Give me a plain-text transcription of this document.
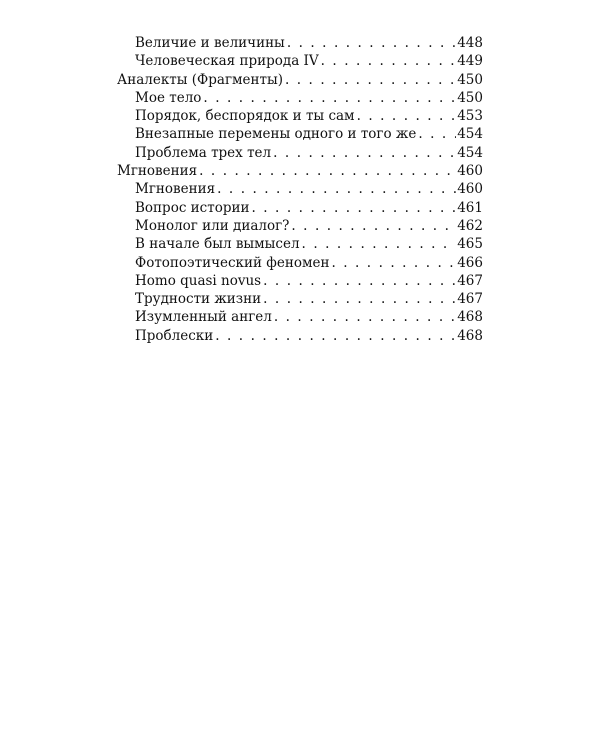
Величие и величины . . .	448
Человеческая природа IV . . .	449
Аналекты (Фрагменты) . . .	450
Мое тело . . .	450
Порядок, беспорядок и ты сам . . .	453
Внезапные перемены одного и того же . . .	454
Проблема трех тел . . .	454
Мгновения . . .	460
Мгновения . . .	460
Вопрос истории . . .	461
Монолог или диалог? . . .	462
В начале был вымысел . . .	465
Фотопоэтический феномен . . .	466
Homo quasi novus . . .	467
Трудности жизни . . .	467
Изумленный ангел . . .	468
Проблески . . .	468
